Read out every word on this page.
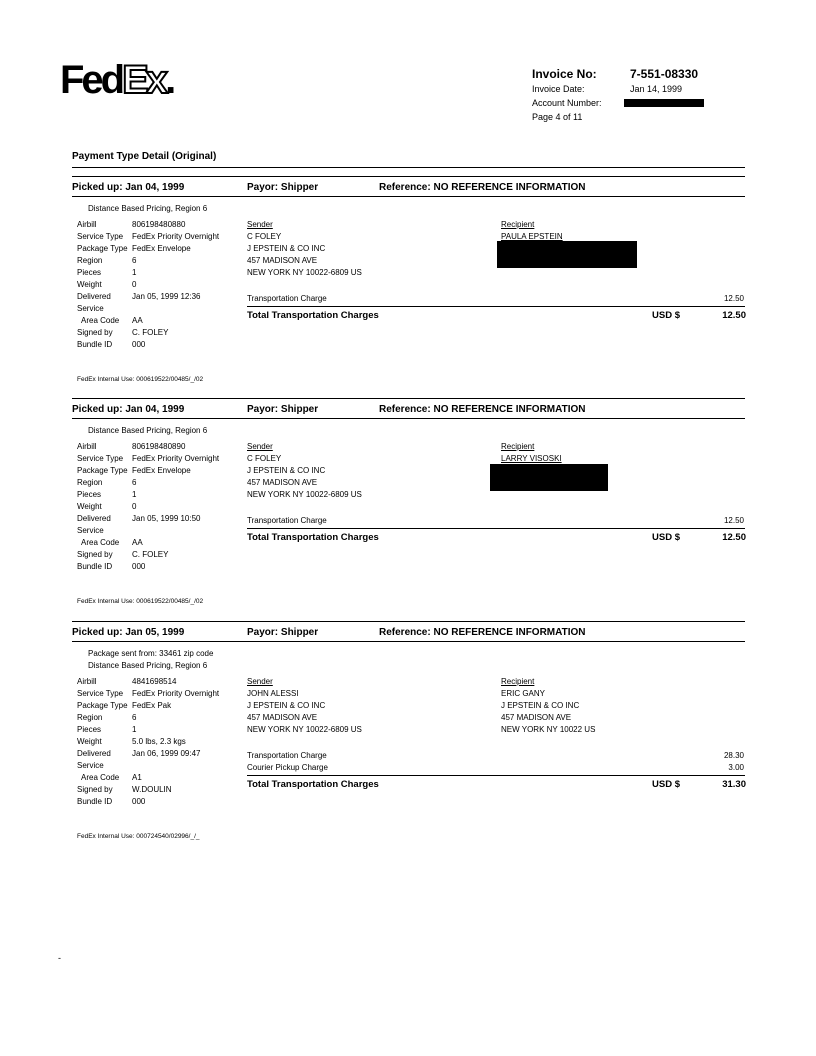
FedEx.	Invoice No:	7-551-08330
Invoice Date:	Jan 14, 1999
Account Number:
Page 4 of 11
Payment Type Detail (Original)
Picked up: Jan 04, 1999	Payor: Shipper	Reference: NO REFERENCE INFORMATION
Distance Based Pricing, Region 6
Airbill	806198480880
Service Type FedEx Priority Overnight
Package Type FedEx Envelope
Region	6
Pieces	1
Weight	0
Delivered	Jan 05, 1999 12:36
Service
Area Code AA
Signed by C. FOLEY
Bundle ID 000
Sender
C FOLEY
J EPSTEIN & CO INC
457 MADISON AVE
NEW YORK NY 10022-6809 US
Recipient
PAULA EPSTEIN
Transportation Charge	12.50
Total Transportation Charges	USD $	12.50
FedEx Internal Use: 000619522/00485/_/02
Picked up: Jan 04, 1999	Payor: Shipper	Reference: NO REFERENCE INFORMATION
Distance Based Pricing, Region 6
Airbill	806198480890
Service Type FedEx Priority Overnight
Package Type FedEx Envelope
Region	6
Pieces	1
Weight	0
Delivered	Jan 05, 1999 10:50
Service
Area Code AA
Signed by C. FOLEY
Bundle ID 000
Sender
C FOLEY
J EPSTEIN & CO INC
457 MADISON AVE
NEW YORK NY 10022-6809 US
Recipient
LARRY VISOSKI
Transportation Charge	12.50
Total Transportation Charges	USD $	12.50
FedEx Internal Use: 000619522/00485/_/02
Picked up: Jan 05, 1999	Payor: Shipper	Reference: NO REFERENCE INFORMATION
Package sent from: 33461 zip code
Distance Based Pricing, Region 6
Airbill	4841698514
Service Type FedEx Priority Overnight
Package Type FedEx Pak
Region	6
Pieces	1
Weight	5.0 lbs, 2.3 kgs
Delivered	Jan 06, 1999 09:47
Service
Area Code A1
Signed by W.DOULIN
Bundle ID 000
Sender
JOHN ALESSI
J EPSTEIN & CO INC
457 MADISON AVE
NEW YORK NY 10022-6809 US
Recipient
ERIC GANY
J EPSTEIN & CO INC
457 MADISON AVE
NEW YORK NY 10022 US
Transportation Charge	28.30
Courier Pickup Charge	3.00
Total Transportation Charges	USD $	31.30
FedEx Internal Use: 000724540/02996/_/_
-
